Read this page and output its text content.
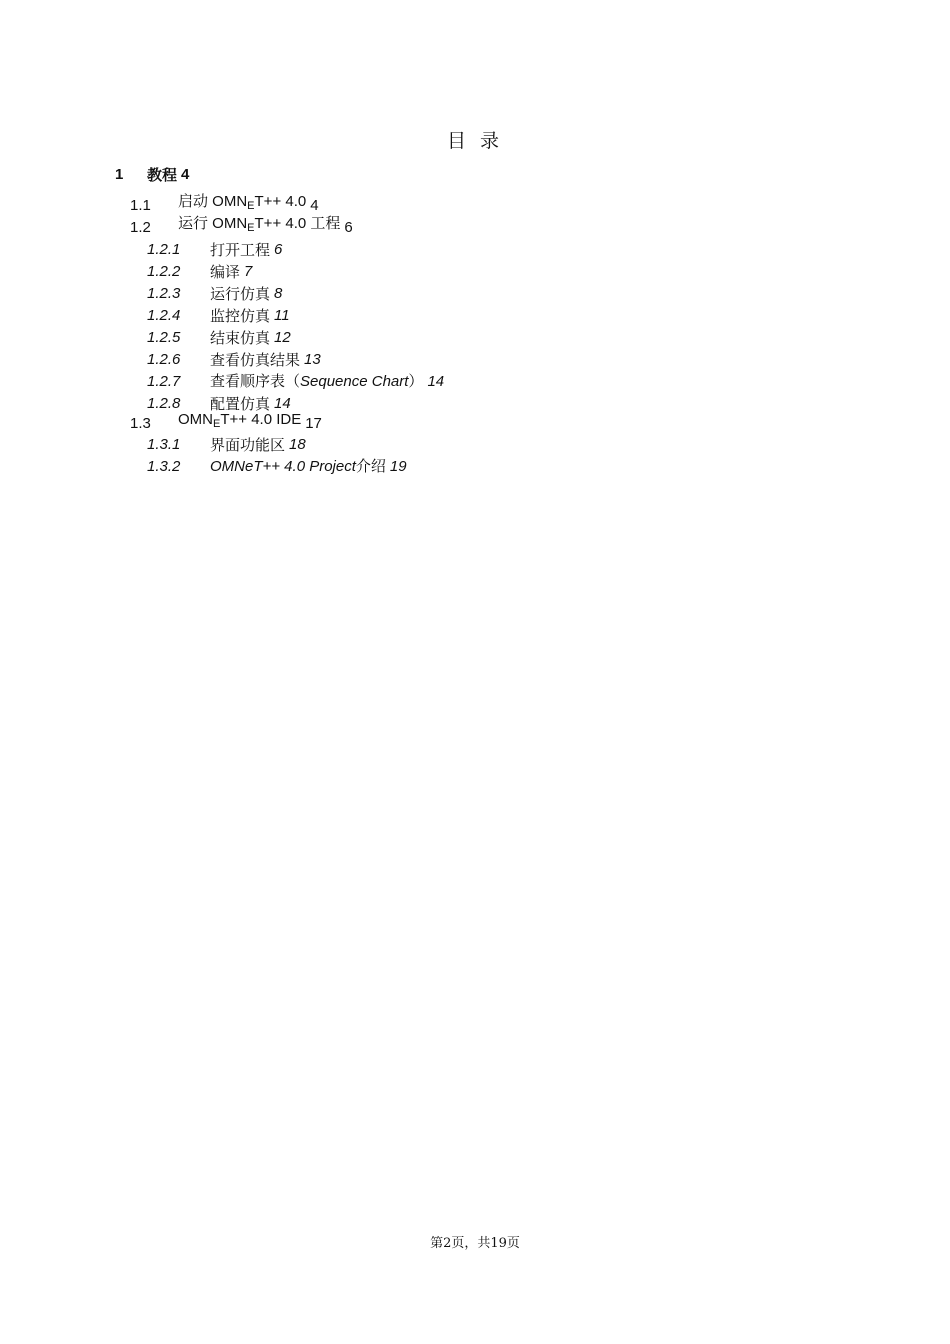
目 录
1 教程 4
1.1 启动 $OMN_ET++ 4.0$ 4
1.2 运行 $OMN_ET++ 4.0$ 工程 6
1.2.1 打开工程 6
1.2.2 编译 7
1.2.3 运行仿真 8
1.2.4 监控仿真 11
1.2.5 结束仿真 12
1.2.6 查看仿真结果 13
1.2.7 查看顺序表（Sequence Chart） 14
1.2.8 配置仿真 14
1.3 $OMN_ET++ 4.0$ IDE 17
1.3.1 界面功能区 18
1.3.2 OMNeT++ 4.0 Project介绍 19
第2页，共19页
